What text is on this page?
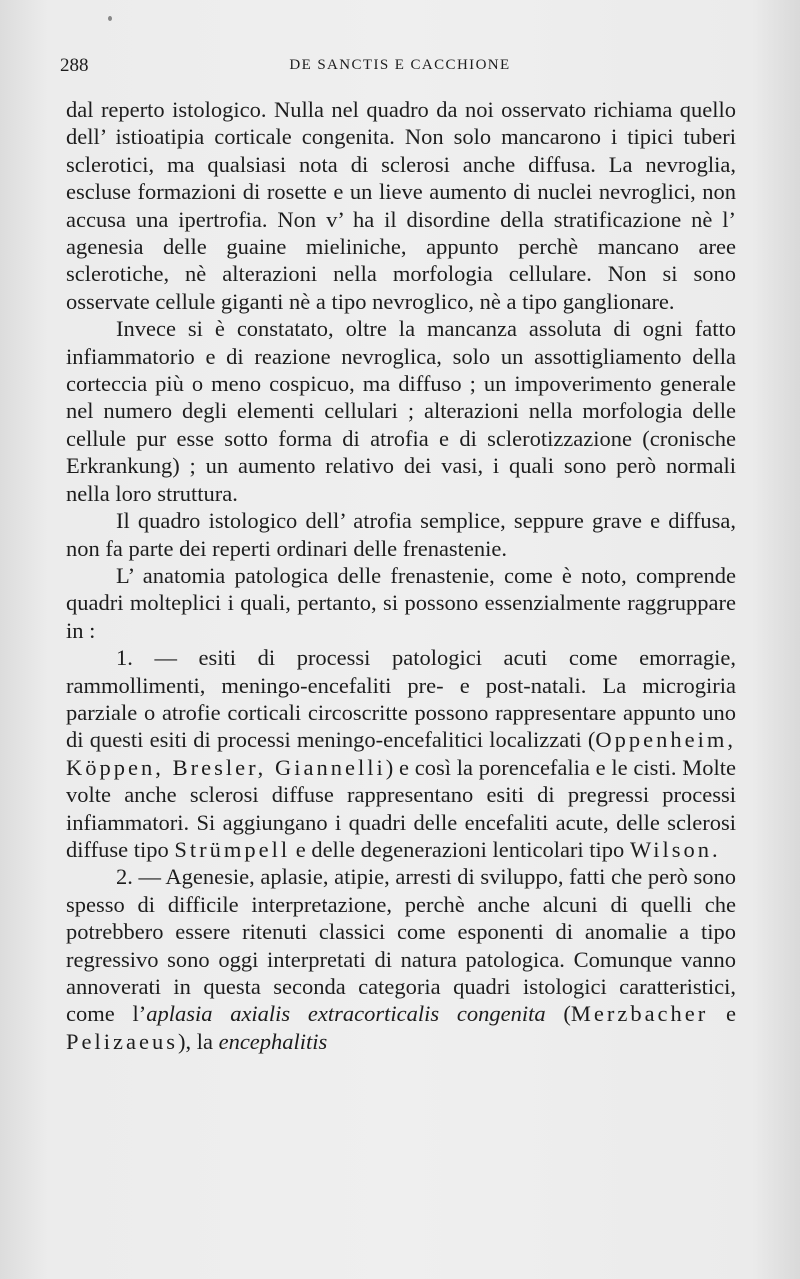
288	DE SANCTIS E CACCHIONE

dal reperto istologico. Nulla nel quadro da noi osservato richiama quello dell’ istioatipia corticale congenita. Non solo mancarono i tipici tuberi sclerotici, ma qualsiasi nota di sclerosi anche diffusa. La nevroglia, escluse formazioni di rosette e un lieve aumento di nuclei nevroglici, non accusa una ipertrofia. Non v’ ha il disordine della stratificazione nè l’ agenesia delle guaine mieliniche, appunto perchè mancano aree sclerotiche, nè alterazioni nella morfologia cellulare. Non si sono osservate cellule giganti nè a tipo nevroglico, nè a tipo ganglionare.

Invece si è constatato, oltre la mancanza assoluta di ogni fatto infiammatorio e di reazione nevroglica, solo un assottigliamento della corteccia più o meno cospicuo, ma diffuso ; un impoverimento generale nel numero degli elementi cellulari ; alterazioni nella morfologia delle cellule pur esse sotto forma di atrofia e di sclerotizzazione (cronische Erkrankung) ; un aumento relativo dei vasi, i quali sono però normali nella loro struttura.

Il quadro istologico dell’ atrofia semplice, seppure grave e diffusa, non fa parte dei reperti ordinari delle frenastenie.

L’ anatomia patologica delle frenastenie, come è noto, comprende quadri molteplici i quali, pertanto, si possono essenzialmente raggruppare in :

1. — esiti di processi patologici acuti come emorragie, rammollimenti, meningo-encefaliti pre- e post-natali. La microgiria parziale o atrofie corticali circoscritte possono rappresentare appunto uno di questi esiti di processi meningo-encefalitici localizzati (Oppenheim, Köppen, Bresler, Giannelli) e così la porencefalia e le cisti. Molte volte anche sclerosi diffuse rappresentano esiti di pregressi processi infiammatori. Si aggiungano i quadri delle encefaliti acute, delle sclerosi diffuse tipo Strümpell e delle degenerazioni lenticolari tipo Wilson.

2. — Agenesie, aplasie, atipie, arresti di sviluppo, fatti che però sono spesso di difficile interpretazione, perchè anche alcuni di quelli che potrebbero essere ritenuti classici come esponenti di anomalie a tipo regressivo sono oggi interpretati di natura patologica. Comunque vanno annoverati in questa seconda categoria quadri istologici caratteristici, come l’aplasia axialis extracorticalis congenita (Merzbacher e Pelizaeus), la encephalitis
